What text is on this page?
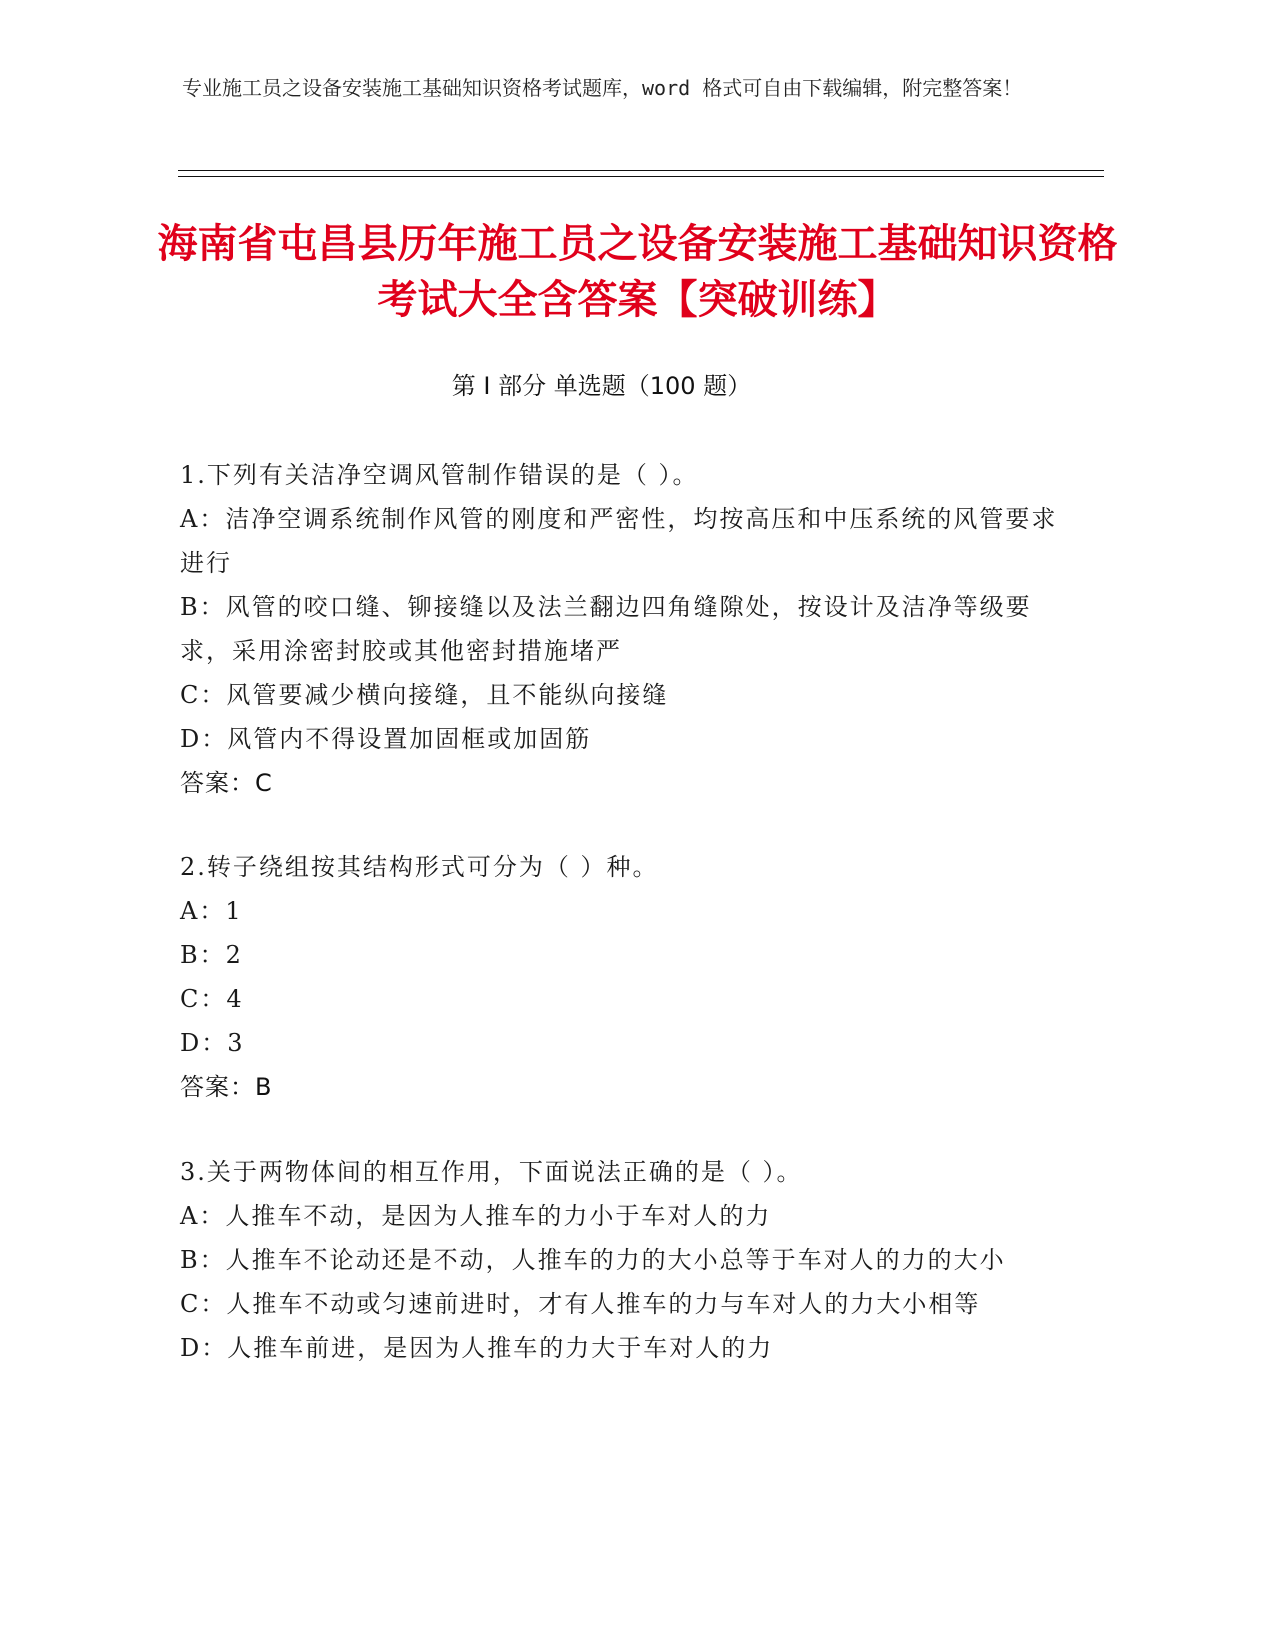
专业施工员之设备安装施工基础知识资格考试题库，word 格式可自由下载编辑，附完整答案！
海南省屯昌县历年施工员之设备安装施工基础知识资格考试大全含答案【突破训练】
第 I 部分 单选题（100 题）
1.下列有关洁净空调风管制作错误的是（ ）。
A：洁净空调系统制作风管的刚度和严密性，均按高压和中压系统的风管要求进行
B：风管的咬口缝、铆接缝以及法兰翻边四角缝隙处，按设计及洁净等级要求，采用涂密封胶或其他密封措施堵严
C：风管要减少横向接缝，且不能纵向接缝
D：风管内不得设置加固框或加固筋
答案：C
2.转子绕组按其结构形式可分为（ ）种。
A：1
B：2
C：4
D：3
答案：B
3.关于两物体间的相互作用，下面说法正确的是（ ）。
A：人推车不动，是因为人推车的力小于车对人的力
B：人推车不论动还是不动，人推车的力的大小总等于车对人的力的大小
C：人推车不动或匀速前进时，才有人推车的力与车对人的力大小相等
D：人推车前进，是因为人推车的力大于车对人的力
